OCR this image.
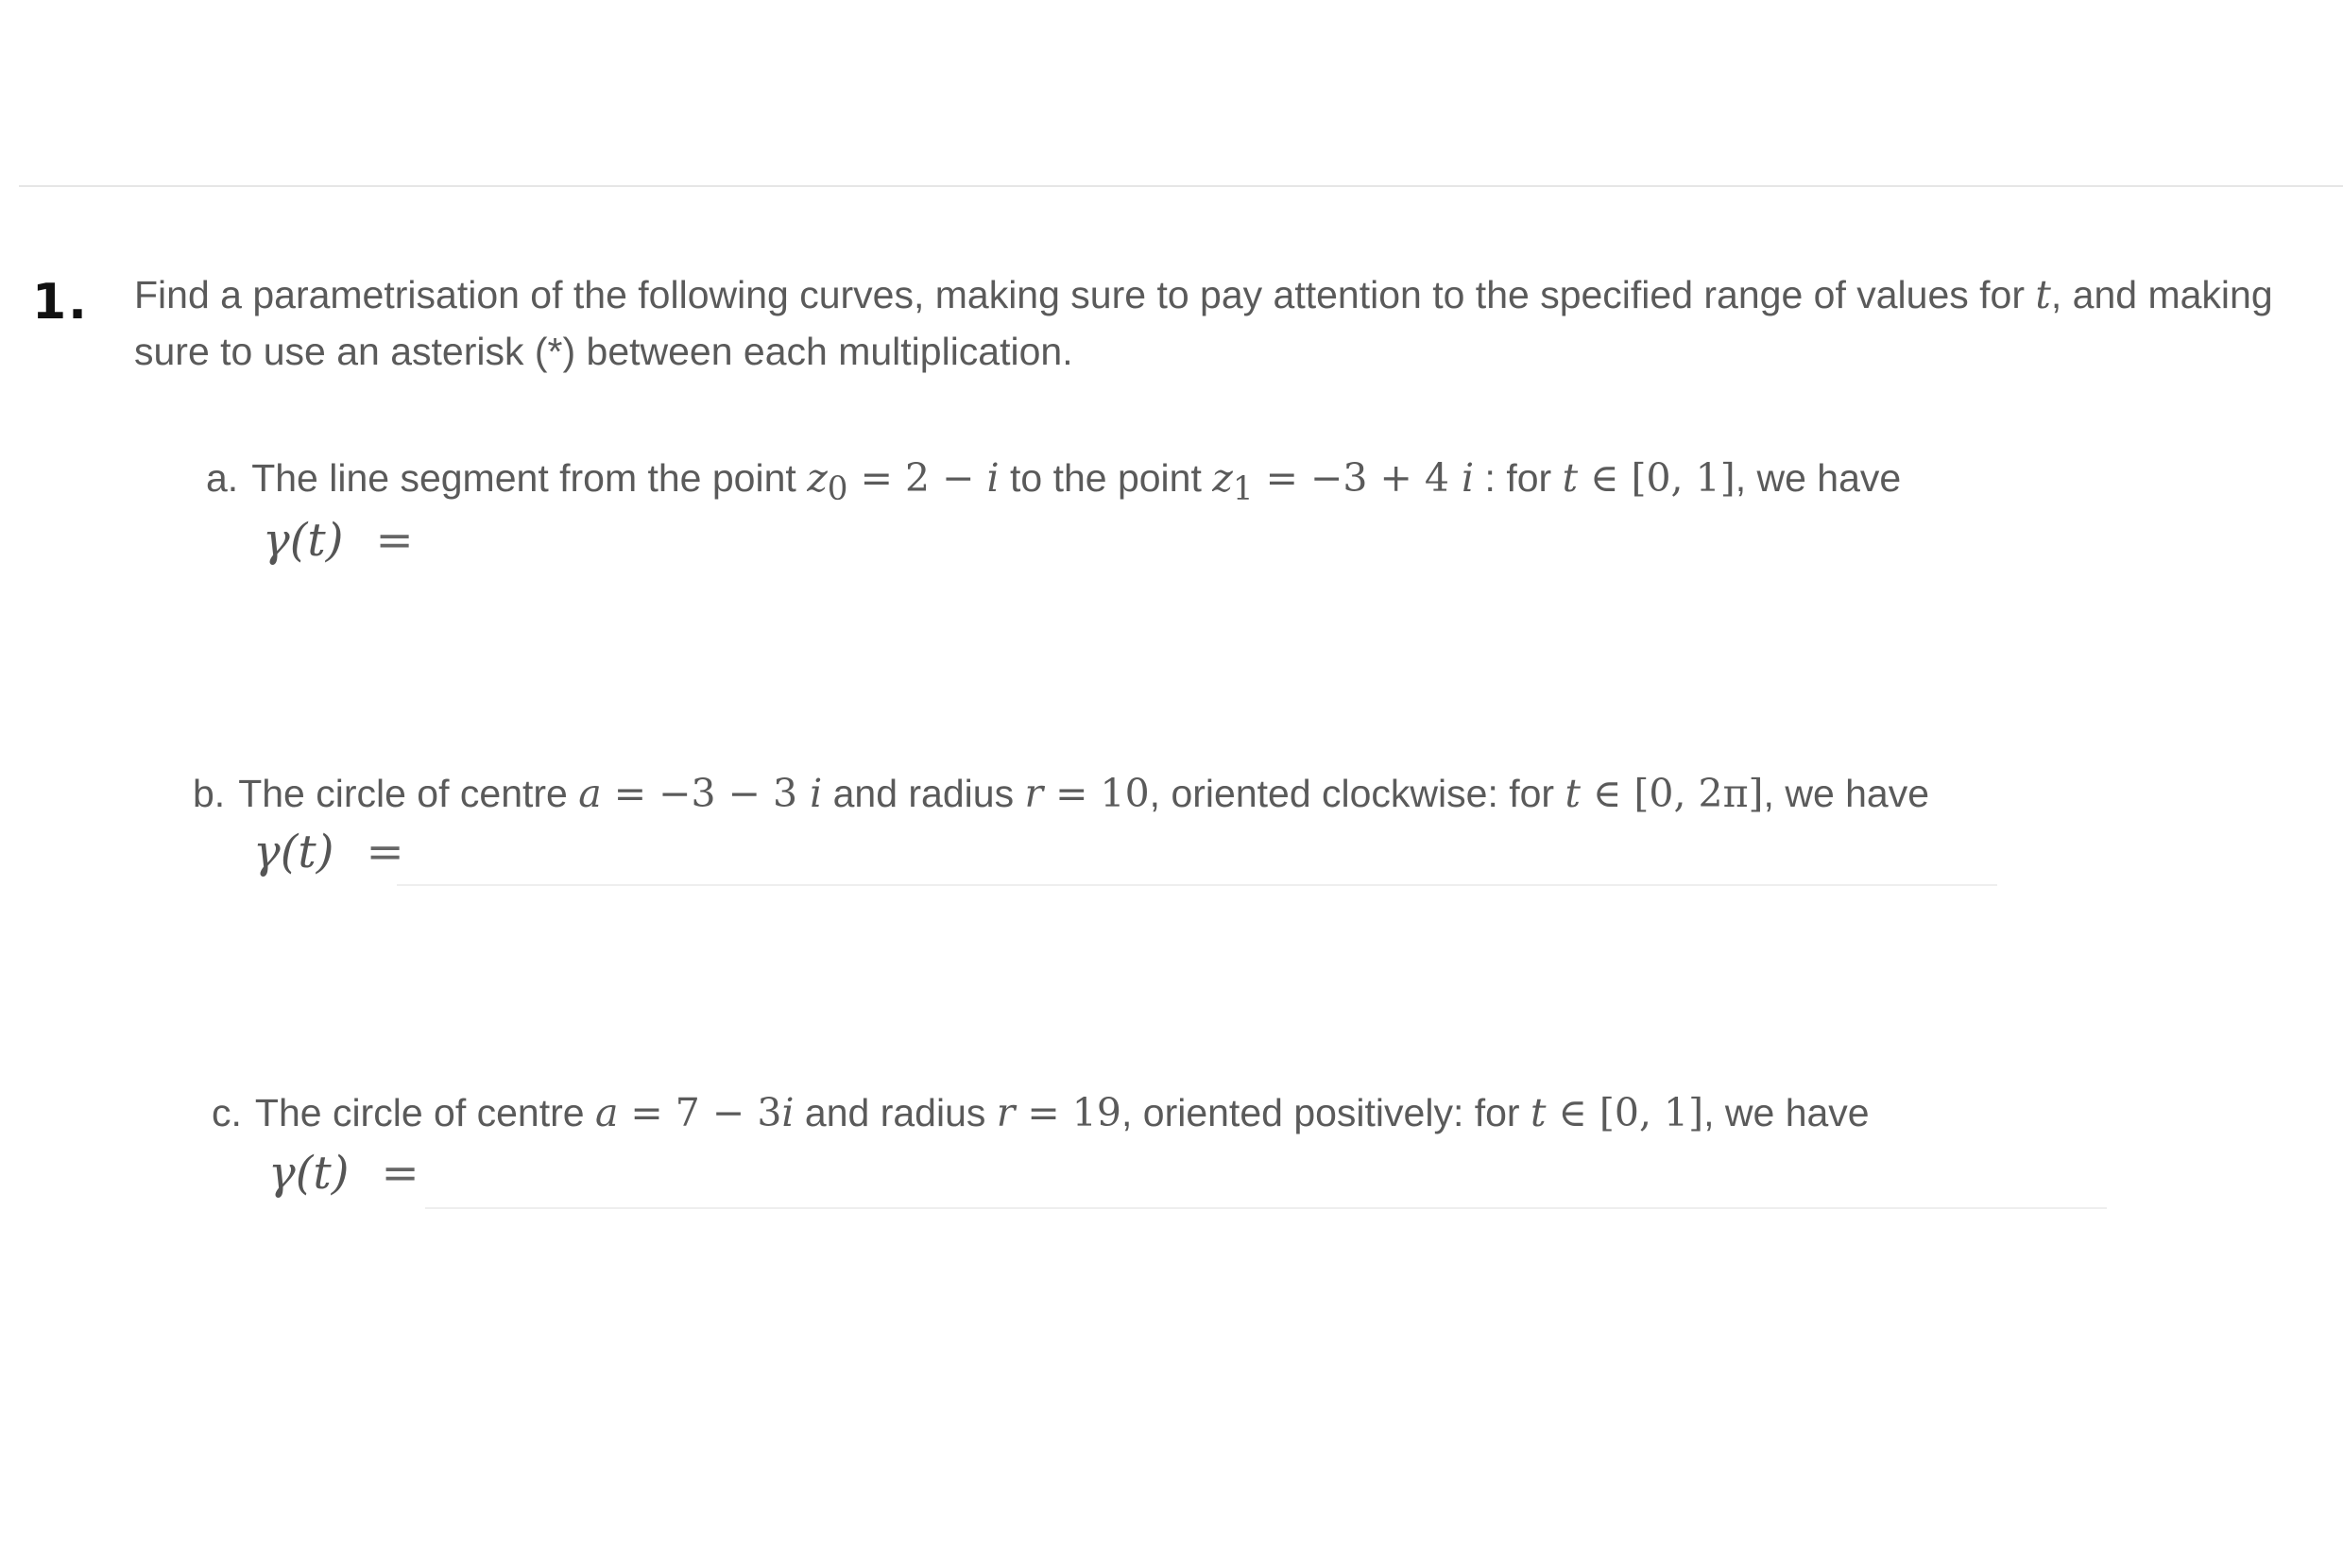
1. Find a parametrisation of the following curves, making sure to pay attention to the specified range of values for t, and making sure to use an asterisk (*) between each multiplication.
a. The line segment from the point $z_0 = 2 - i$ to the point $z_1 = -3 + 4$ i : for t ∈ [0, 1], we have
γ(t) =
b. The circle of centre a = −3 − 3 i and radius r = 10, oriented clockwise: for t ∈ [0, 2π], we have
γ(t) =
c. The circle of centre a = 7 − 3i and radius r = 19, oriented positively: for t ∈ [0, 1], we have
γ(t) =
